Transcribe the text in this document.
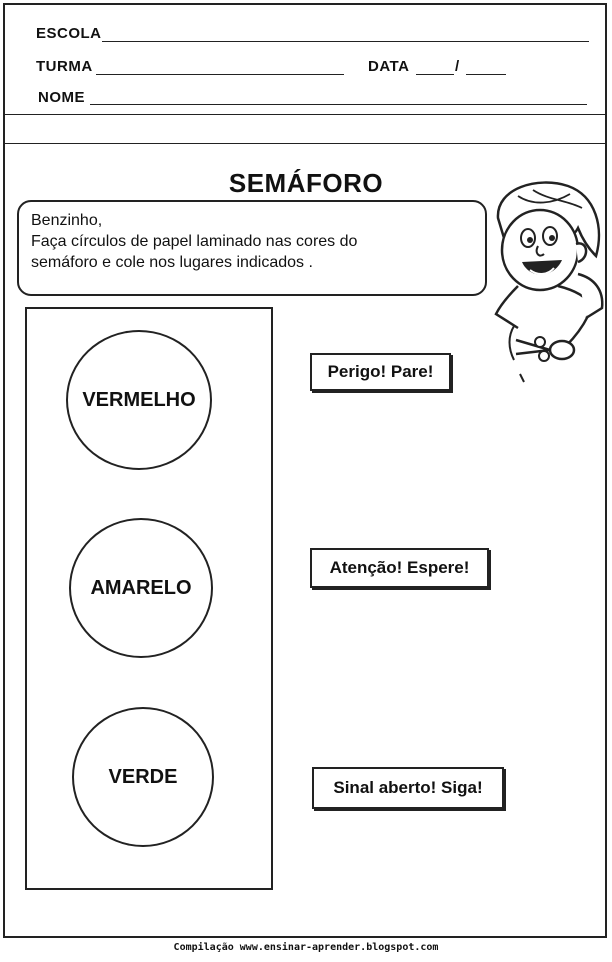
ESCOLA
TURMA	DATA	/
NOME
SEMÁFORO
Benzinho,
Faça círculos de papel laminado nas cores do
semáforo e cole nos lugares indicados .
VERMELHO
AMARELO
VERDE
Perigo! Pare!
Atenção! Espere!
Sinal aberto! Siga!
Compilação www.ensinar-aprender.blogspot.com
